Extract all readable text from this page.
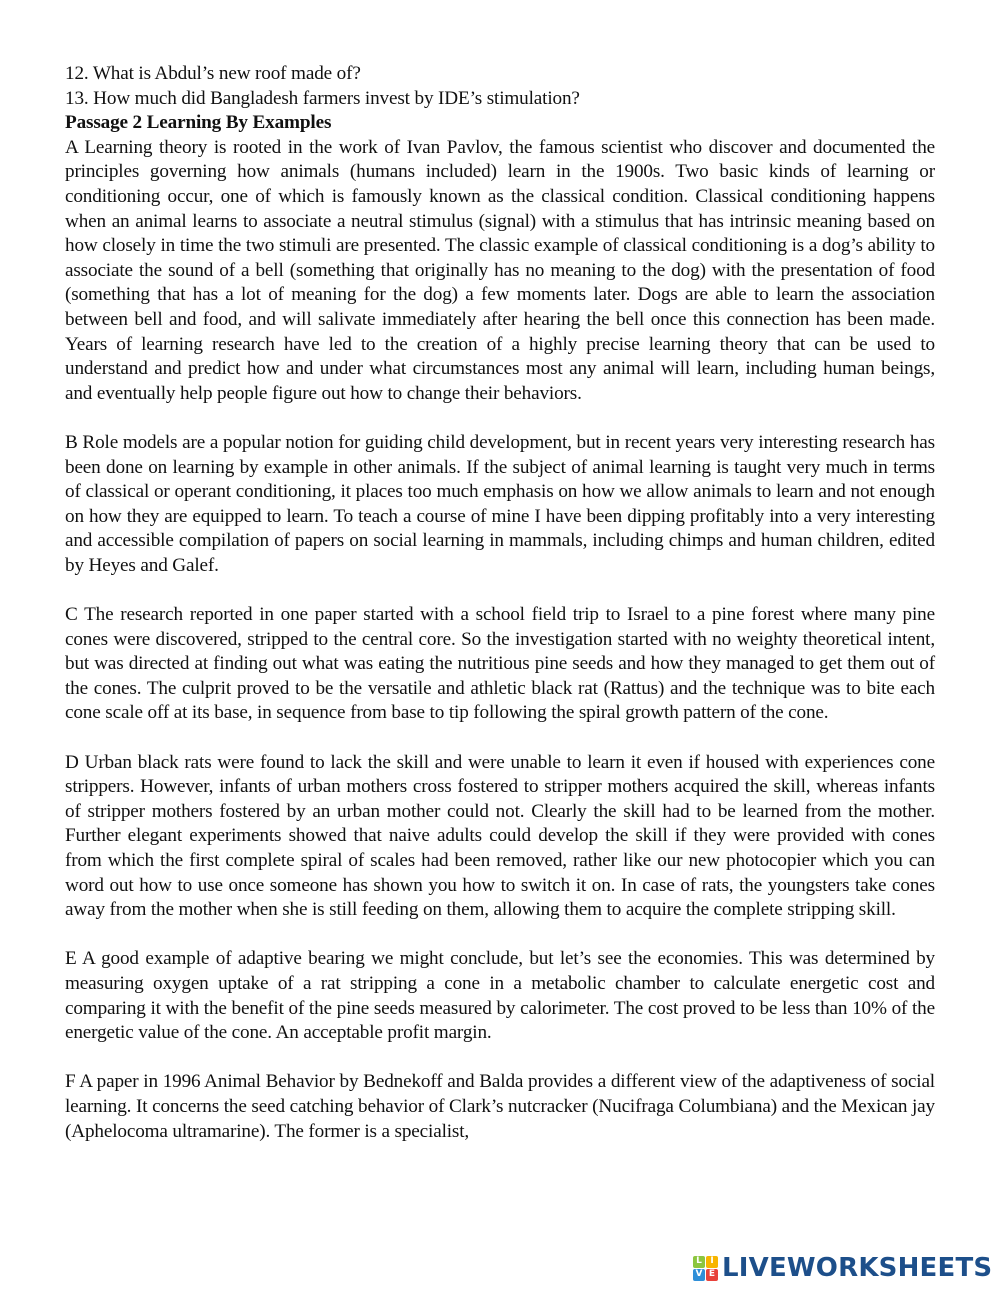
12. What is Abdul’s new roof made of?

13. How much did Bangladesh farmers invest by IDE’s stimulation?

Passage 2 Learning By Examples

A Learning theory is rooted in the work of Ivan Pavlov, the famous scientist who discover and documented the principles governing how animals (humans included) learn in the 1900s. Two basic kinds of learning or conditioning occur, one of which is famously known as the classical condition. Classical conditioning happens when an animal learns to associate a neutral stimulus (signal) with a stimulus that has intrinsic meaning based on how closely in time the two stimuli are presented. The classic example of classical conditioning is a dog’s ability to associate the sound of a bell (something that originally has no meaning to the dog) with the presentation of food (something that has a lot of meaning for the dog) a few moments later. Dogs are able to learn the association between bell and food, and will salivate immediately after hearing the bell once this connection has been made. Years of learning research have led to the creation of a highly precise learning theory that can be used to understand and predict how and under what circumstances most any animal will learn, including human beings, and eventually help people figure out how to change their behaviors.

B Role models are a popular notion for guiding child development, but in recent years very interesting research has been done on learning by example in other animals. If the subject of animal learning is taught very much in terms of classical or operant conditioning, it places too much emphasis on how we allow animals to learn and not enough on how they are equipped to learn. To teach a course of mine I have been dipping profitably into a very interesting and accessible compilation of papers on social learning in mammals, including chimps and human children, edited by Heyes and Galef.

C The research reported in one paper started with a school field trip to Israel to a pine forest where many pine cones were discovered, stripped to the central core. So the investigation started with no weighty theoretical intent, but was directed at finding out what was eating the nutritious pine seeds and how they managed to get them out of the cones. The culprit proved to be the versatile and athletic black rat (Rattus) and the technique was to bite each cone scale off at its base, in sequence from base to tip following the spiral growth pattern of the cone.

D Urban black rats were found to lack the skill and were unable to learn it even if housed with experiences cone strippers. However, infants of urban mothers cross fostered to stripper mothers acquired the skill, whereas infants of stripper mothers fostered by an urban mother could not. Clearly the skill had to be learned from the mother. Further elegant experiments showed that naive adults could develop the skill if they were provided with cones from which the first complete spiral of scales had been removed, rather like our new photocopier which you can word out how to use once someone has shown you how to switch it on. In case of rats, the youngsters take cones away from the mother when she is still feeding on them, allowing them to acquire the complete stripping skill.

E A good example of adaptive bearing we might conclude, but let’s see the economies. This was determined by measuring oxygen uptake of a rat stripping a cone in a metabolic chamber to calculate energetic cost and comparing it with the benefit of the pine seeds measured by calorimeter. The cost proved to be less than 10% of the energetic value of the cone. An acceptable profit margin.

F A paper in 1996 Animal Behavior by Bednekoff and Balda provides a different view of the adaptiveness of social learning. It concerns the seed catching behavior of Clark’s nutcracker (Nucifraga Columbiana) and the Mexican jay (Aphelocoma ultramarine). The former is a specialist,

L I
V E LIVEWORKSHEETS
